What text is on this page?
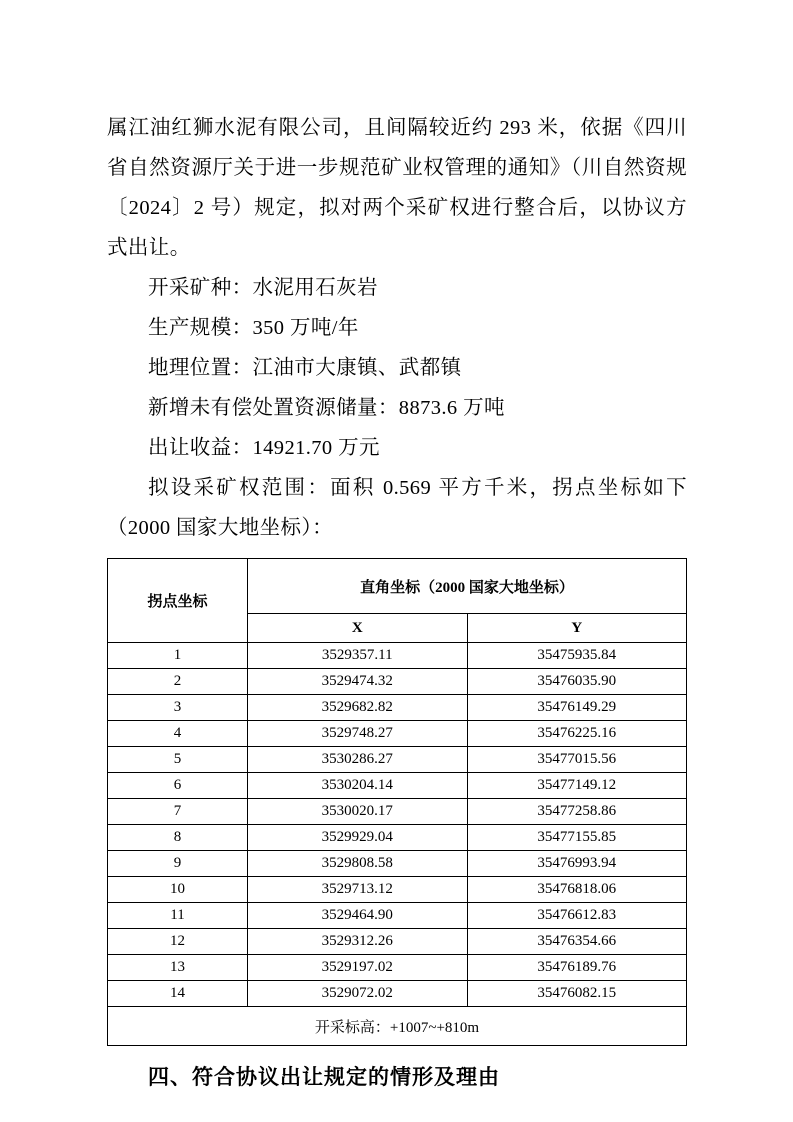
属江油红狮水泥有限公司，且间隔较近约 293 米，依据《四川省自然资源厅关于进一步规范矿业权管理的通知》（川自然资规〔2024〕2 号）规定，拟对两个采矿权进行整合后，以协议方式出让。

开采矿种：水泥用石灰岩

生产规模：350 万吨/年

地理位置：江油市大康镇、武都镇

新增未有偿处置资源储量：8873.6 万吨

出让收益：14921.70 万元

拟设采矿权范围：面积 0.569 平方千米，拐点坐标如下（2000 国家大地坐标）：

拐点坐标	直角坐标（2000 国家大地坐标）	
	X	Y
1	3529357.11	35475935.84
2	3529474.32	35476035.90
3	3529682.82	35476149.29
4	3529748.27	35476225.16
5	3530286.27	35477015.56
6	3530204.14	35477149.12
7	3530020.17	35477258.86
8	3529929.04	35477155.85
9	3529808.58	35476993.94
10	3529713.12	35476818.06
11	3529464.90	35476612.83
12	3529312.26	35476354.66
13	3529197.02	35476189.76
14	3529072.02	35476082.15
开采标高：+1007~+810m		

四、符合协议出让规定的情形及理由
